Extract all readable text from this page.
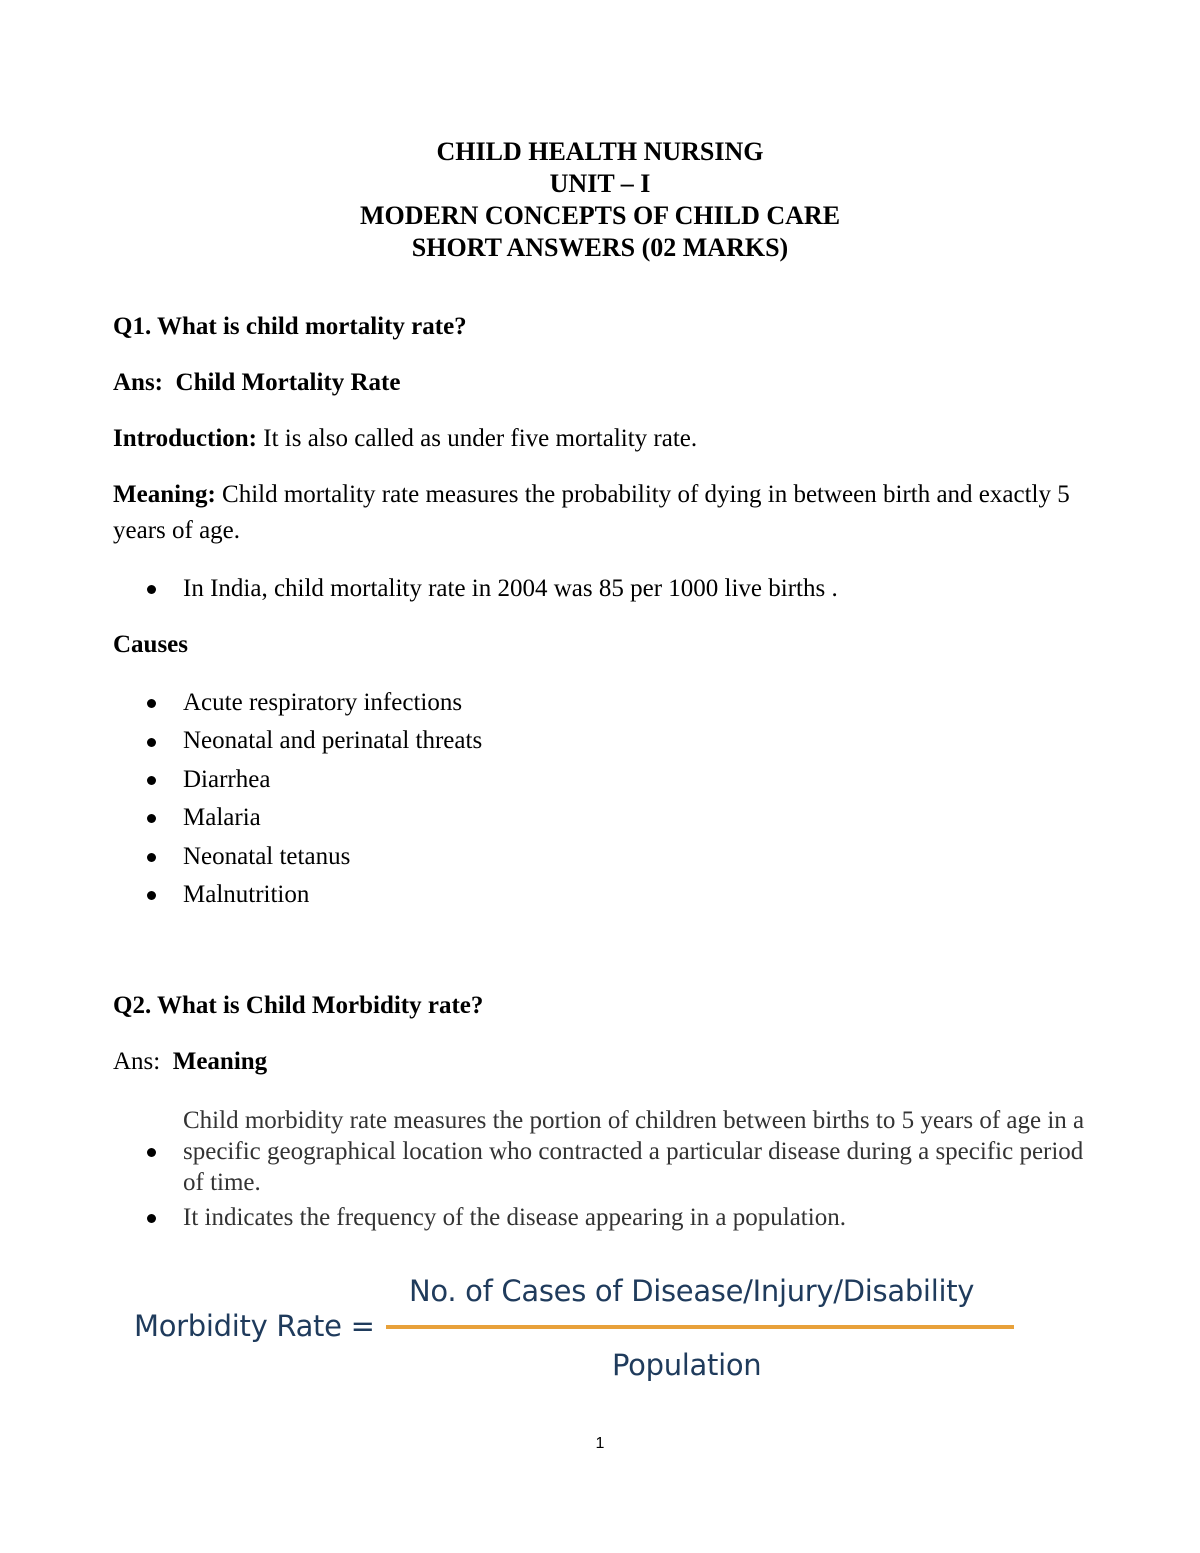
CHILD HEALTH NURSING
UNIT – I
MODERN CONCEPTS OF CHILD CARE
SHORT ANSWERS (02 MARKS)
Q1. What is child mortality rate?
Ans: Child Mortality Rate
Introduction: It is also called as under five mortality rate.
Meaning: Child mortality rate measures the probability of dying in between birth and exactly 5 years of age.
In India, child mortality rate in 2004 was 85 per 1000 live births .
Causes
Acute respiratory infections
Neonatal and perinatal threats
Diarrhea
Malaria
Neonatal tetanus
Malnutrition
Q2. What is Child Morbidity rate?
Ans: Meaning
Child morbidity rate measures the portion of children between births to 5 years of age in a specific geographical location who contracted a particular disease during a specific period of time.
It indicates the frequency of the disease appearing in a population.
Morbidity Rate =
No. of Cases of Disease/Injury/Disability
Population
1
